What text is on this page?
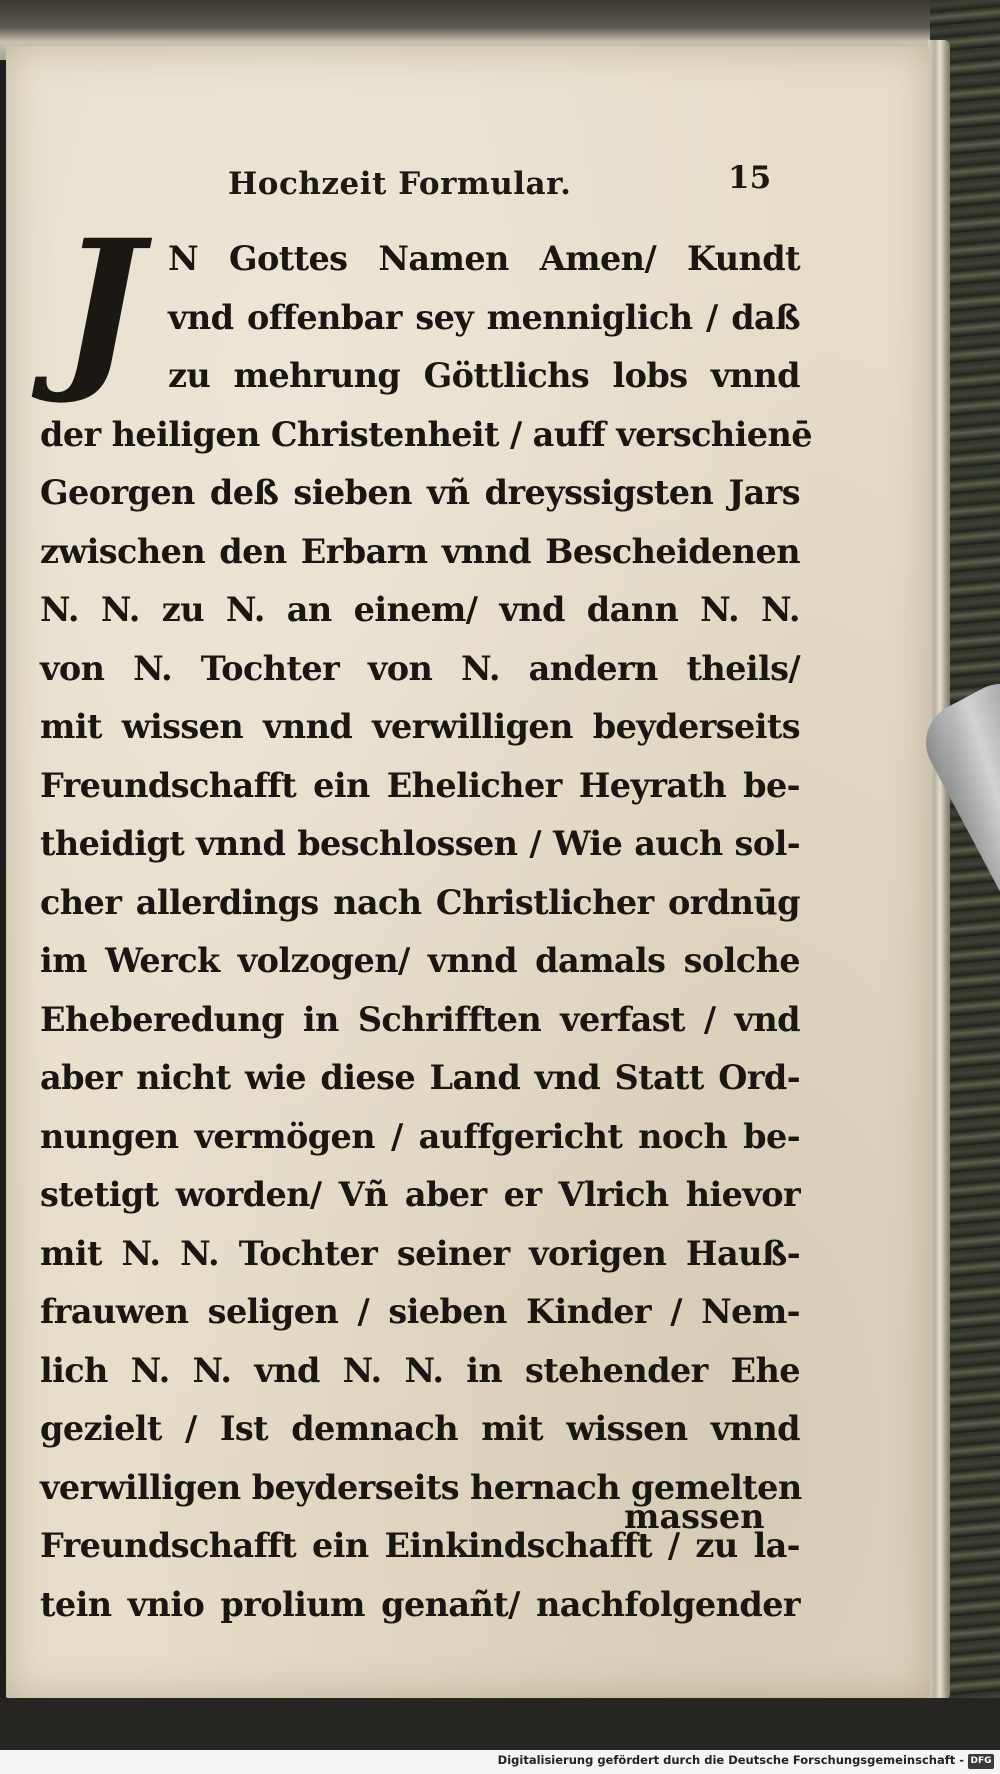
Hochzeit Formular.	15
J N Gottes Namen Amen/ Kundt
vnd offenbar sey menniglich / daß
zu mehrung Göttlichs lobs vnnd
der heiligen Christenheit / auff verschienē
Georgen deß sieben vñ dreyssigsten Jars
zwischen den Erbarn vnnd Bescheidenen
N. N. zu N. an einem/ vnd dann N. N.
von N. Tochter von N. andern theils/
mit wissen vnnd verwilligen beyderseits
Freundschafft ein Ehelicher Heyrath be-
theidigt vnnd beschlossen / Wie auch sol-
cher allerdings nach Christlicher ordnūg
im Werck volzogen/ vnnd damals solche
Eheberedung in Schrifften verfast / vnd
aber nicht wie diese Land vnd Statt Ord-
nungen vermögen / auffgericht noch be-
stetigt worden/ Vñ aber er Vlrich hievor
mit N. N. Tochter seiner vorigen Hauß-
frauwen seligen / sieben Kinder / Nem-
lich N. N. vnd N. N. in stehender Ehe
gezielt / Ist demnach mit wissen vnnd
verwilligen beyderseits hernach gemelten
Freundschafft ein Einkindschafft / zu la-
tein vnio prolium genañt/ nachfolgender
massen
Digitalisierung gefördert durch die Deutsche Forschungsgemeinschaft - DFG
